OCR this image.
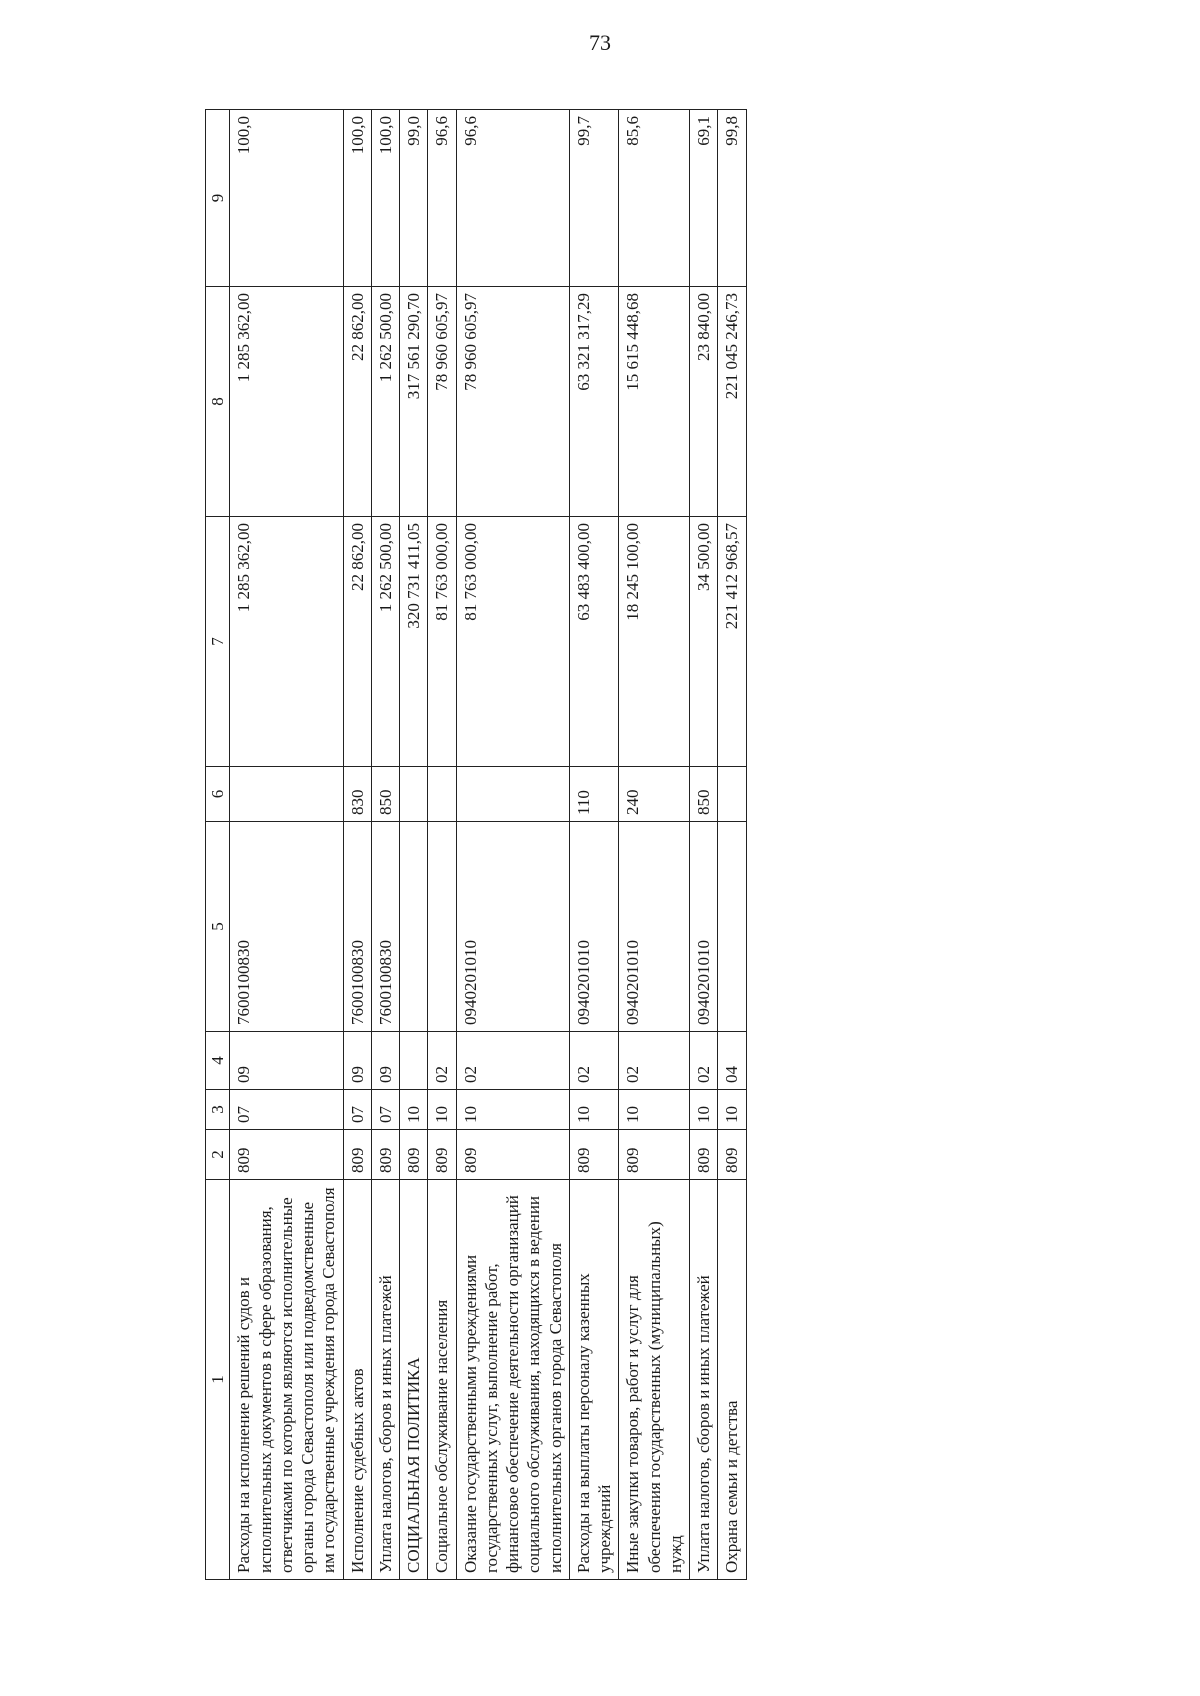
73
1	2	3	4	5	6	7	8	9
Расходы на исполнение решений судов и исполнительных документов в сфере образования, ответчиками по которым являются исполнительные органы города Севастополя или подведомственные им государственные учреждения города Севастополя	809	07	09	7600100830		1 285 362,00	1 285 362,00	100,0
Исполнение судебных актов	809	07	09	7600100830	830	22 862,00	22 862,00	100,0
Уплата налогов, сборов и иных платежей	809	07	09	7600100830	850	1 262 500,00	1 262 500,00	100,0
СОЦИАЛЬНАЯ ПОЛИТИКА	809	10				320 731 411,05	317 561 290,70	99,0
Социальное обслуживание населения	809	10	02			81 763 000,00	78 960 605,97	96,6
Оказание государственными учреждениями государственных услуг, выполнение работ, финансовое обеспечение деятельности организаций социального обслуживания, находящихся в ведении исполнительных органов города Севастополя	809	10	02	0940201010		81 763 000,00	78 960 605,97	96,6
Расходы на выплаты персоналу казенных учреждений	809	10	02	0940201010	110	63 483 400,00	63 321 317,29	99,7
Иные закупки товаров, работ и услуг для обеспечения государственных (муниципальных) нужд	809	10	02	0940201010	240	18 245 100,00	15 615 448,68	85,6
Уплата налогов, сборов и иных платежей	809	10	02	0940201010	850	34 500,00	23 840,00	69,1
Охрана семьи и детства	809	10	04			221 412 968,57	221 045 246,73	99,8
